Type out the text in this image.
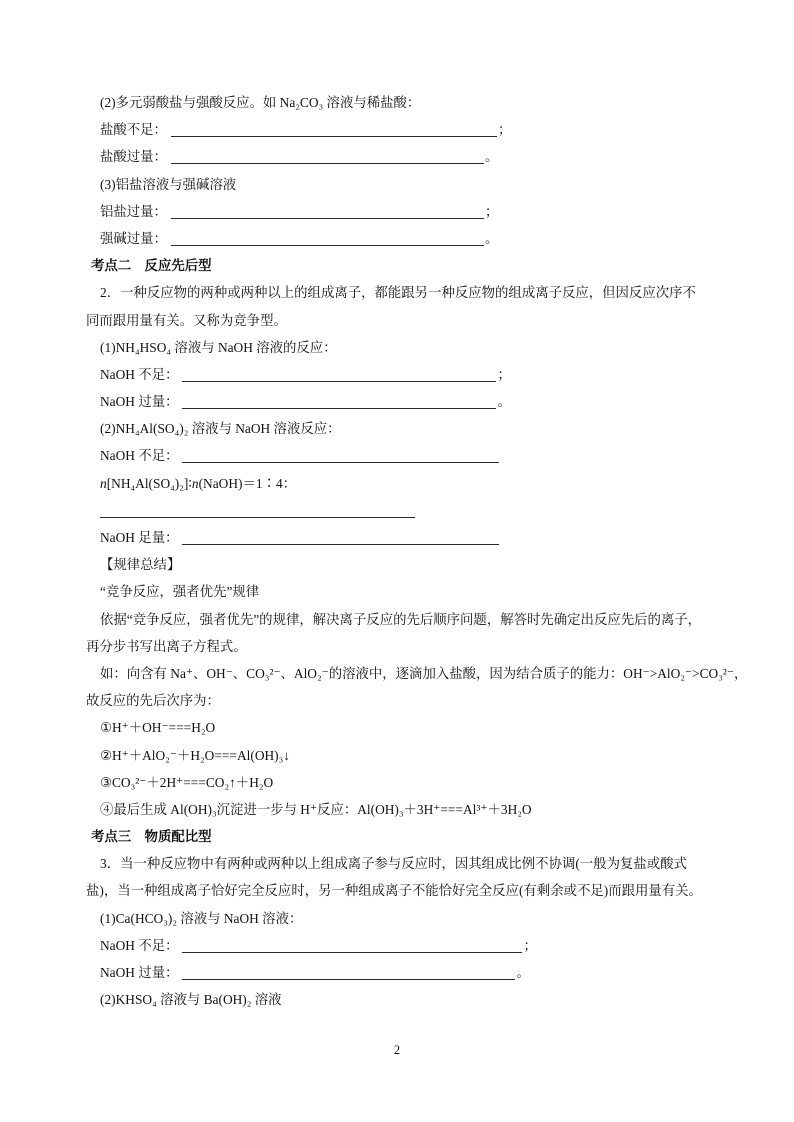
(2)多元弱酸盐与强酸反应。如 Na₂CO₃ 溶液与稀盐酸：
盐酸不足：	；
盐酸过量：	。
(3)铝盐溶液与强碱溶液
铝盐过量：	；
强碱过量：	。
考点二　反应先后型
2．一种反应物的两种或两种以上的组成离子，都能跟另一种反应物的组成离子反应，但因反应次序不
同而跟用量有关。又称为竞争型。
(1)NH₄HSO₄ 溶液与 NaOH 溶液的反应：
NaOH 不足：	；
NaOH 过量：	。
(2)NH₄Al(SO₄)₂ 溶液与 NaOH 溶液反应：
NaOH 不足：
n[NH₄Al(SO₄)₂]∶n(NaOH)＝1∶4：
NaOH 足量：
【规律总结】
“竞争反应，强者优先”规律
依据“竞争反应，强者优先”的规律，解决离子反应的先后顺序问题，解答时先确定出反应先后的离子，
再分步书写出离子方程式。
如：向含有 Na⁺、OH⁻、CO₃²⁻、AlO₂⁻的溶液中，逐滴加入盐酸，因为结合质子的能力：OH⁻>AlO₂⁻>CO₃²⁻，
故反应的先后次序为：
①H⁺＋OH⁻===H₂O
②H⁺＋AlO₂⁻＋H₂O===Al(OH)₃↓
③CO₃²⁻＋2H⁺===CO₂↑＋H₂O
④最后生成 Al(OH)₃沉淀进一步与 H⁺反应：Al(OH)₃＋3H⁺===Al³⁺＋3H₂O
考点三　物质配比型
3．当一种反应物中有两种或两种以上组成离子参与反应时，因其组成比例不协调(一般为复盐或酸式
盐)，当一种组成离子恰好完全反应时，另一种组成离子不能恰好完全反应(有剩余或不足)而跟用量有关。
(1)Ca(HCO₃)₂ 溶液与 NaOH 溶液：
NaOH 不足：	；
NaOH 过量：	。
(2)KHSO₄ 溶液与 Ba(OH)₂ 溶液
2
